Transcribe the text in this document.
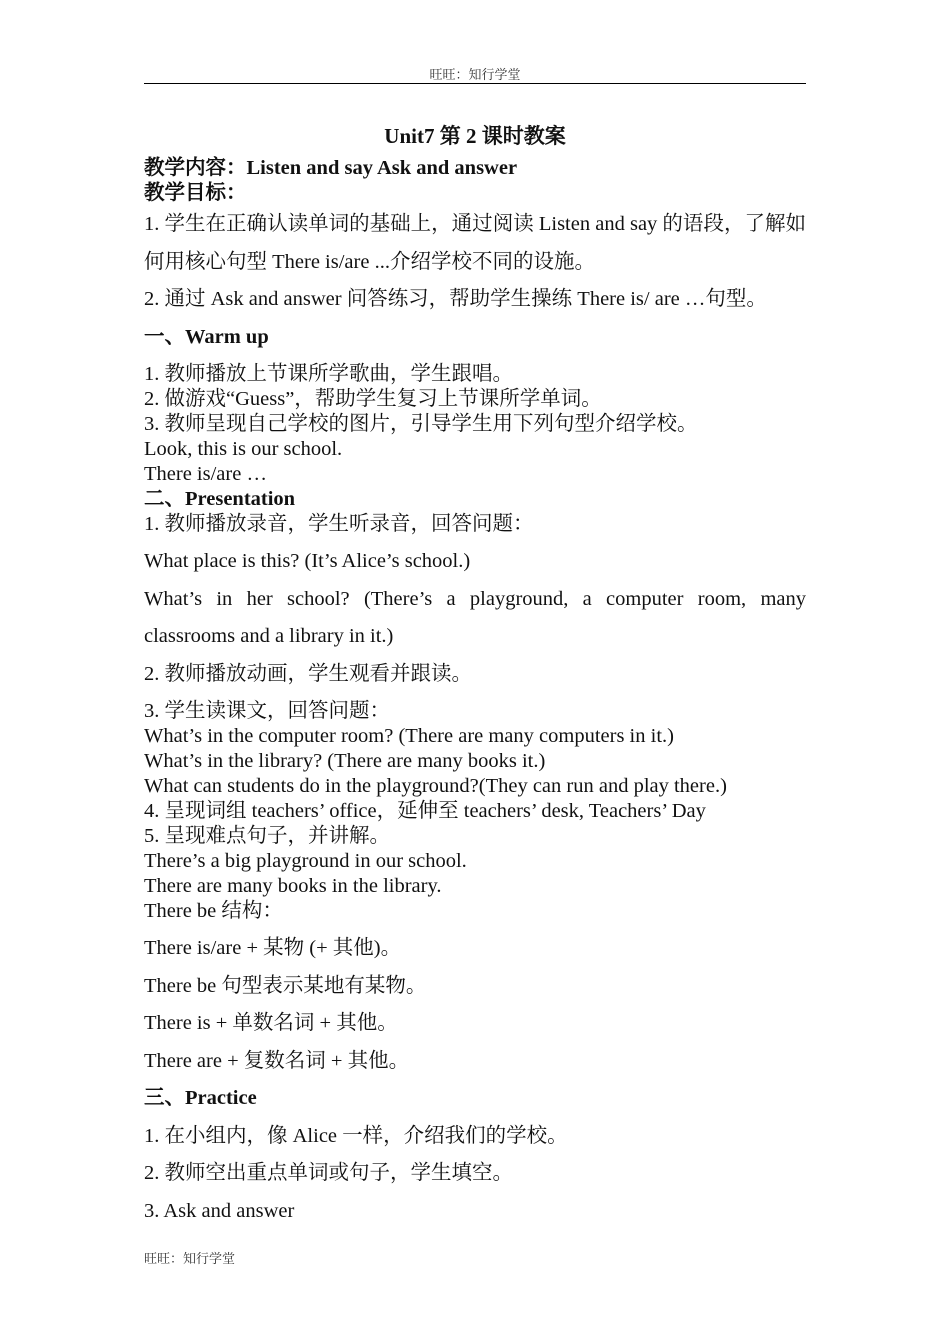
旺旺：知行学堂
Unit7 第 2 课时教案
教学内容：Listen and say Ask and answer
教学目标：
1. 学生在正确认读单词的基础上，通过阅读 Listen and say 的语段，了解如何用核心句型 There is/are ...介绍学校不同的设施。
2. 通过 Ask and answer 问答练习，帮助学生操练 There is/ are …句型。
一、Warm up
1. 教师播放上节课所学歌曲，学生跟唱。
2. 做游戏“Guess”，帮助学生复习上节课所学单词。
3. 教师呈现自己学校的图片，引导学生用下列句型介绍学校。
Look, this is our school.
There is/are …
二、Presentation
1. 教师播放录音，学生听录音，回答问题：
What place is this? (It’s Alice’s school.)
What’s in her school? (There’s a playground, a computer room, many classrooms and a library in it.)
2. 教师播放动画，学生观看并跟读。
3. 学生读课文，回答问题：
What’s in the computer room? (There are many computers in it.)
What’s in the library? (There are many books it.)
What can students do in the playground?(They can run and play there.)
4. 呈现词组 teachers’ office，延伸至 teachers’ desk, Teachers’ Day
5. 呈现难点句子，并讲解。
There’s a big playground in our school.
There are many books in the library.
There be 结构：
There is/are + 某物 (+ 其他)。
There be 句型表示某地有某物。
There is + 单数名词 + 其他。
There are + 复数名词 + 其他。
三、Practice
1. 在小组内，像 Alice 一样，介绍我们的学校。
2. 教师空出重点单词或句子，学生填空。
3. Ask and answer
旺旺：知行学堂
